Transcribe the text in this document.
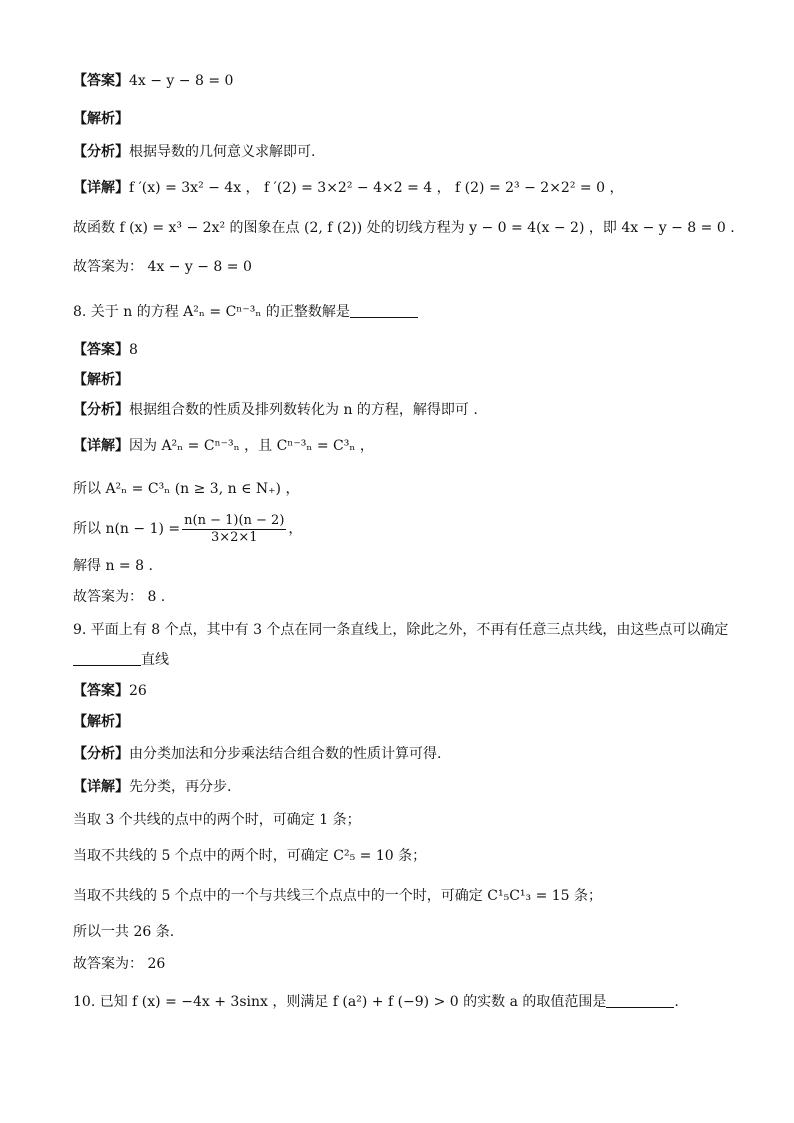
【答案】4x − y − 8 = 0
【解析】
【分析】根据导数的几何意义求解即可.
【详解】f ′(x) = 3x² − 4x ， f ′(2) = 3×2² − 4×2 = 4 ， f (2) = 2³ − 2×2² = 0 ，
故函数 f (x) = x³ − 2x² 的图象在点 (2, f (2)) 处的切线方程为 y − 0 = 4(x − 2) ，即 4x − y − 8 = 0 .
故答案为： 4x − y − 8 = 0
8. 关于 n 的方程 A²ₙ = Cⁿ⁻³ₙ 的正整数解是
【答案】8
【解析】
【分析】根据组合数的性质及排列数转化为 n 的方程，解得即可 .
【详解】因为 A²ₙ = Cⁿ⁻³ₙ ，且 Cⁿ⁻³ₙ = C³ₙ ，
所以 A²ₙ = C³ₙ (n ≥ 3, n ∈ N₊) ，
所以 $n(n - 1) = \frac{n(n - 1)(n - 2)}{3\times 2\times 1}$ ，
解得 n = 8 .
故答案为： 8 .
9. 平面上有 8 个点，其中有 3 个点在同一条直线上，除此之外，不再有任意三点共线，由这些点可以确定
直线
【答案】26
【解析】
【分析】由分类加法和分步乘法结合组合数的性质计算可得.
【详解】先分类，再分步.
当取 3 个共线的点中的两个时，可确定 1 条；
当取不共线的 5 个点中的两个时，可确定 C²₅ = 10 条；
当取不共线的 5 个点中的一个与共线三个点点中的一个时，可确定 C¹₅C¹₃ = 15 条；
所以一共 26 条.
故答案为： 26
10. 已知 f (x) = −4x + 3sinx ，则满足 f (a²) + f (−9) > 0 的实数 a 的取值范围是	.
